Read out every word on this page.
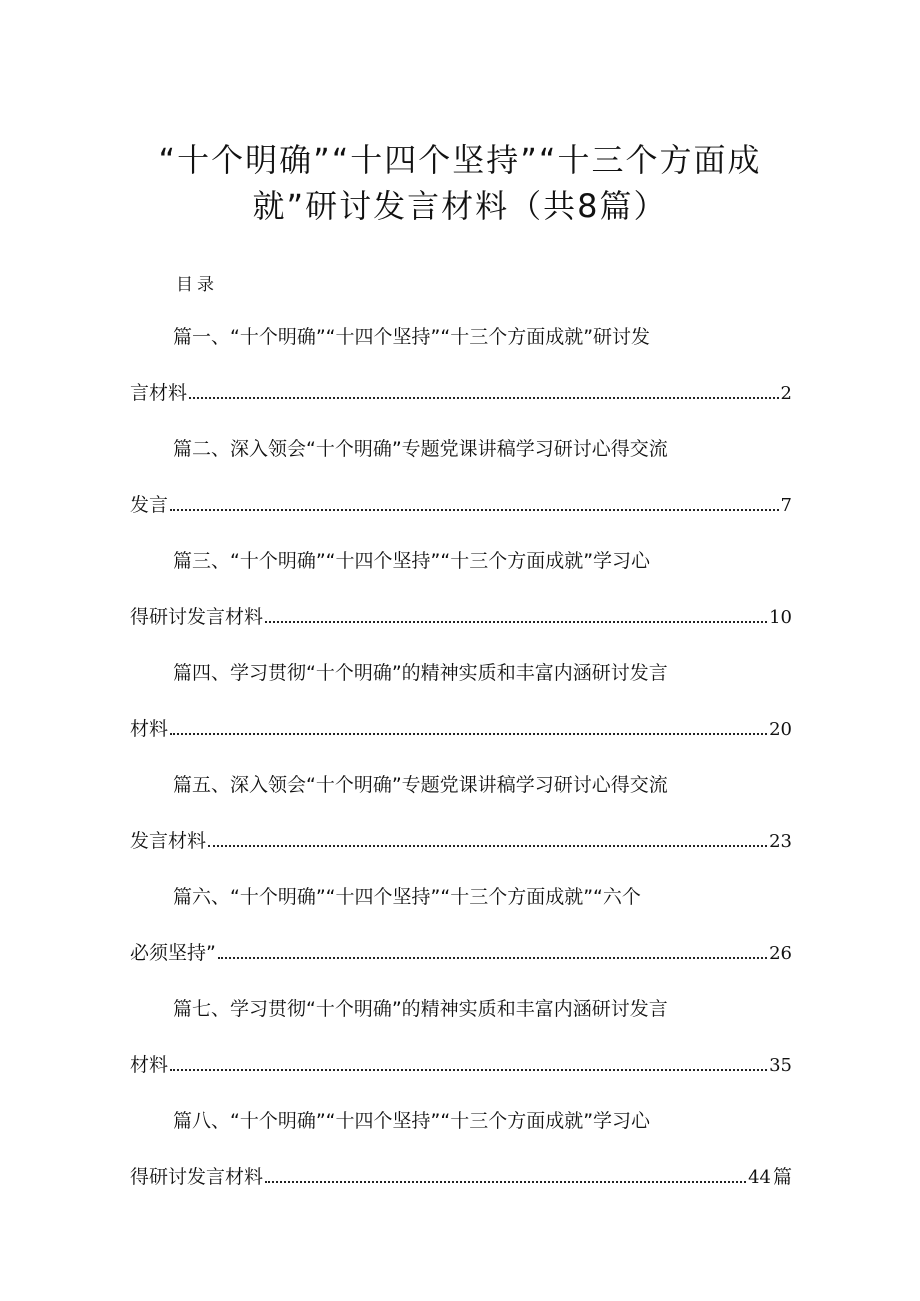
“十个明确”“十四个坚持”“十三个方面成
就”研讨发言材料（共8篇）
目录
篇一、“十个明确”“十四个坚持”“十三个方面成就”研讨发
言材料	2
篇二、深入领会“十个明确”专题党课讲稿学习研讨心得交流
发言	7
篇三、“十个明确”“十四个坚持”“十三个方面成就”学习心
得研讨发言材料	10
篇四、学习贯彻“十个明确”的精神实质和丰富内涵研讨发言
材料	20
篇五、深入领会“十个明确”专题党课讲稿学习研讨心得交流
发言材料	23
篇六、“十个明确”“十四个坚持”“十三个方面成就”“六个
必须坚持”	26
篇七、学习贯彻“十个明确”的精神实质和丰富内涵研讨发言
材料	35
篇八、“十个明确”“十四个坚持”“十三个方面成就”学习心
得研讨发言材料	44 篇
